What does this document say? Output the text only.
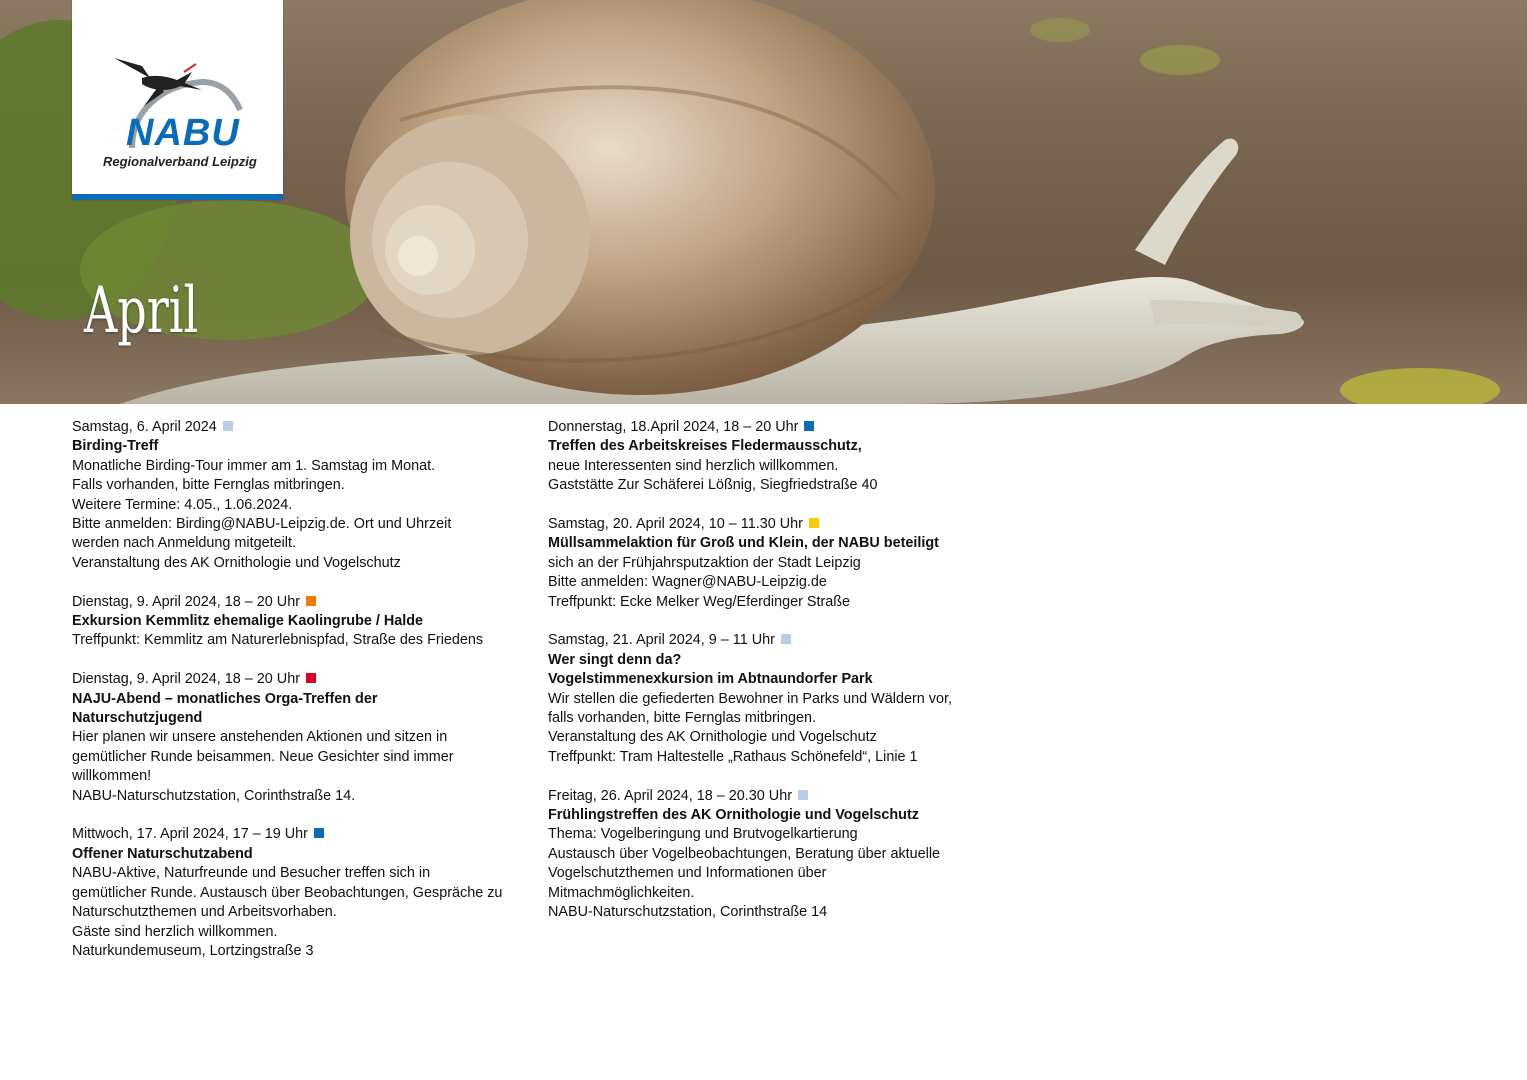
April
NABU
Regionalverband Leipzig

Samstag, 6. April 2024

Birding-Treff

Monatliche Birding-Tour immer am 1. Samstag im Monat.

Falls vorhanden, bitte Fernglas mitbringen.

Weitere Termine: 4.05., 1.06.2024.

Bitte anmelden: Birding@NABU-Leipzig.de. Ort und Uhrzeit

werden nach Anmeldung mitgeteilt.

Veranstaltung des AK Ornithologie und Vogelschutz

Dienstag, 9. April 2024, 18 – 20 Uhr

Exkursion Kemmlitz ehemalige Kaolingrube / Halde

Treffpunkt: Kemmlitz am Naturerlebnispfad, Straße des Friedens

Dienstag, 9. April 2024, 18 – 20 Uhr

NAJU-Abend – monatliches Orga-Treffen der

Naturschutzjugend

Hier planen wir unsere anstehenden Aktionen und sitzen in

gemütlicher Runde beisammen. Neue Gesichter sind immer

willkommen!

NABU-Naturschutzstation, Corinthstraße 14.

Mittwoch, 17. April 2024, 17 – 19 Uhr

Offener Naturschutzabend

NABU-Aktive, Naturfreunde und Besucher treffen sich in

gemütlicher Runde. Austausch über Beobachtungen, Gespräche zu

Naturschutzthemen und Arbeitsvorhaben.

Gäste sind herzlich willkommen.

Naturkundemuseum, Lortzingstraße 3

Donnerstag, 18.April 2024, 18 – 20 Uhr

Treffen des Arbeitskreises Fledermausschutz,

neue Interessenten sind herzlich willkommen.

Gaststätte Zur Schäferei Lößnig, Siegfriedstraße 40

Samstag, 20. April 2024, 10 – 11.30 Uhr

Müllsammelaktion für Groß und Klein, der NABU beteiligt

sich an der Frühjahrsputzaktion der Stadt Leipzig

Bitte anmelden: Wagner@NABU-Leipzig.de

Treffpunkt: Ecke Melker Weg/Eferdinger Straße

Samstag, 21. April 2024, 9 – 11 Uhr

Wer singt denn da?

Vogelstimmenexkursion im Abtnaundorfer Park

Wir stellen die gefiederten Bewohner in Parks und Wäldern vor,

falls vorhanden, bitte Fernglas mitbringen.

Veranstaltung des AK Ornithologie und Vogelschutz

Treffpunkt: Tram Haltestelle „Rathaus Schönefeld“, Linie 1

Freitag, 26. April 2024, 18 – 20.30 Uhr

Frühlingstreffen des AK Ornithologie und Vogelschutz

Thema: Vogelberingung und Brutvogelkartierung

Austausch über Vogelbeobachtungen, Beratung über aktuelle

Vogelschutzthemen und Informationen über

Mitmachmöglichkeiten.

NABU-Naturschutzstation, Corinthstraße 14
